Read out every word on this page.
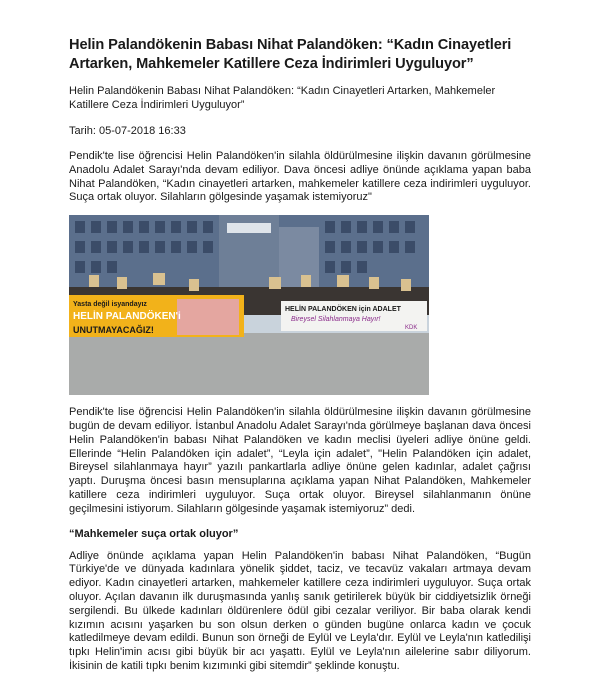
Helin Palandökenin Babası Nihat Palandöken: “Kadın Cinayetleri Artarken, Mahkemeler Katillere Ceza İndirimleri Uyguluyor”

Helin Palandökenin Babası Nihat Palandöken: “Kadın Cinayetleri Artarken, Mahkemeler Katillere Ceza İndirimleri Uyguluyor”

Tarih: 05-07-2018 16:33

Pendik'te lise öğrencisi Helin Palandöken'in silahla öldürülmesine ilişkin davanın görülmesine Anadolu Adalet Sarayı'nda devam ediliyor. Dava öncesi adliye önünde açıklama yapan baba Nihat Palandöken, “Kadın cinayetleri artarken, mahkemeler katillere ceza indirimleri uyguluyor. Suça ortak oluyor. Silahların gölgesinde yaşamak istemiyoruz"

Yasta değil isyandayız
HELİN PALANDÖKEN'i
UNUTMAYACAĞIZ!
HELİN PALANDÖKEN için ADALET
Bireysel Silahlanmaya Hayır!
KDK

Pendik'te lise öğrencisi Helin Palandöken'in silahla öldürülmesine ilişkin davanın görülmesine bugün de devam ediliyor. İstanbul Anadolu Adalet Sarayı'nda görülmeye başlanan dava öncesi Helin Palandöken'in babası Nihat Palandöken ve kadın meclisi üyeleri adliye önüne geldi. Ellerinde “Helin Palandöken için adalet”, “Leyla için adalet”, "Helin Palandöken için adalet, Bireysel silahlanmaya hayır” yazılı pankartlarla adliye önüne gelen kadınlar, adalet çağrısı yaptı. Duruşma öncesi basın mensuplarına açıklama yapan Nihat Palandöken, Mahkemeler katillere ceza indirimleri uyguluyor. Suça ortak oluyor. Bireysel silahlanmanın önüne geçilmesini istiyorum. Silahların gölgesinde yaşamak istemiyoruz” dedi.

“Mahkemeler suça ortak oluyor”

Adliye önünde açıklama yapan Helin Palandöken'in babası Nihat Palandöken, “Bugün Türkiye'de ve dünyada kadınlara yönelik şiddet, taciz, ve tecavüz vakaları artmaya devam ediyor. Kadın cinayetleri artarken, mahkemeler katillere ceza indirimleri uyguluyor. Suça ortak oluyor. Açılan davanın ilk duruşmasında yanlış sanık getirilerek büyük bir ciddiyetsizlik örneği sergilendi. Bu ülkede kadınları öldürenlere ödül gibi cezalar veriliyor. Bir baba olarak kendi kızımın acısını yaşarken bu son olsun derken o günden bugüne onlarca kadın ve çocuk katledilmeye devam edildi. Bunun son örneği de Eylül ve Leyla'dır. Eylül ve Leyla'nın katledilişi tıpkı Helin'imin acısı gibi büyük bir acı yaşattı. Eylül ve Leyla'nın ailelerine sabır diliyorum. İkisinin de katili tıpkı benim kızımınki gibi sitemdir” şeklinde konuştu.
